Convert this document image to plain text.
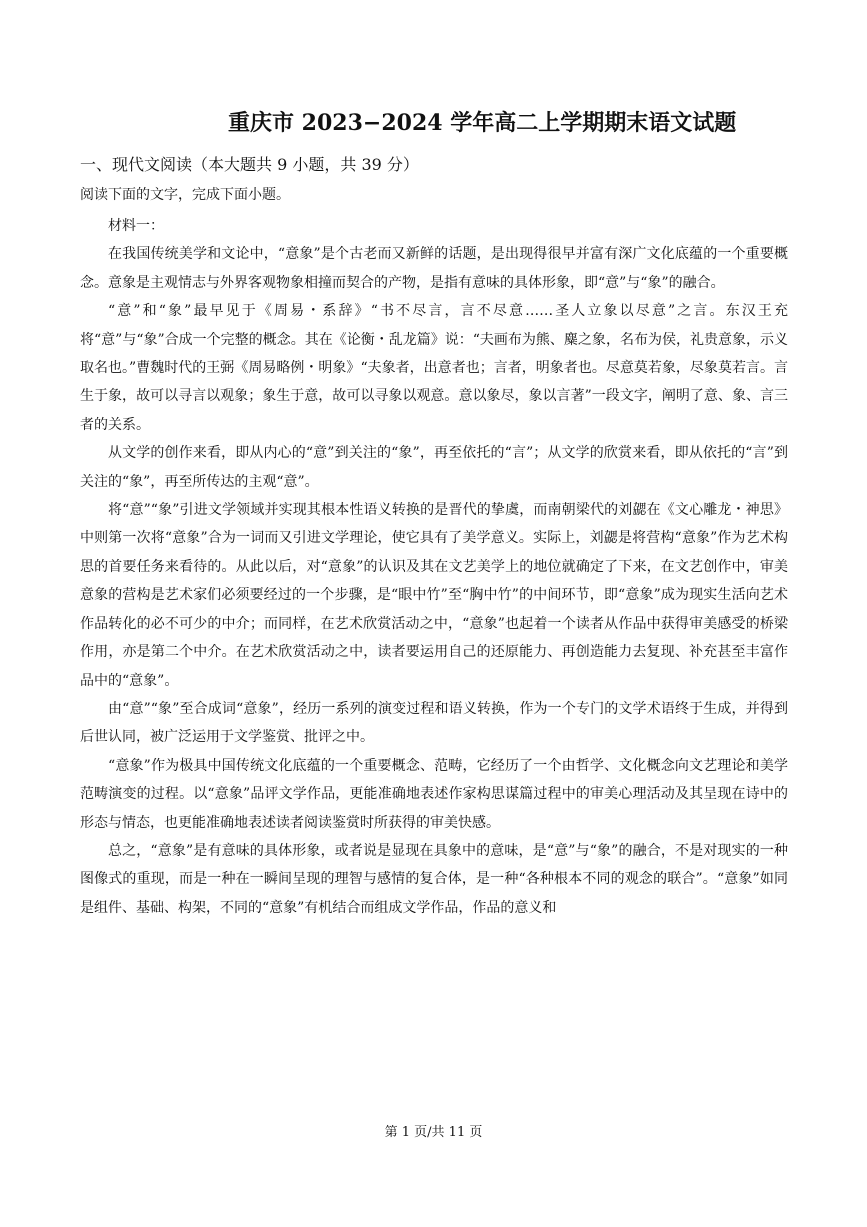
重庆市 2023−2024 学年高二上学期期末语文试题
一、现代文阅读（本大题共 9 小题，共 39 分）
阅读下面的文字，完成下面小题。

材料一：

在我国传统美学和文论中，“意象”是个古老而又新鲜的话题，是出现得很早并富有深广文化底蕴的一个重要概念。意象是主观情志与外界客观物象相撞而契合的产物，是指有意味的具体形象，即“意”与“象”的融合。

“意”和“象”最早见于《周易・系辞》“书不尽言，言不尽意……圣人立象以尽意”之言。东汉王充将“意”与“象”合成一个完整的概念。其在《论衡・乱龙篇》说：“夫画布为熊、麋之象，名布为侯，礼贵意象，示义取名也。”曹魏时代的王弼《周易略例・明象》“夫象者，出意者也；言者，明象者也。尽意莫若象，尽象莫若言。言生于象，故可以寻言以观象；象生于意，故可以寻象以观意。意以象尽，象以言著”一段文字，阐明了意、象、言三者的关系。

从文学的创作来看，即从内心的“意”到关注的“象”，再至依托的“言”；从文学的欣赏来看，即从依托的“言”到关注的“象”，再至所传达的主观“意”。

将“意”“象”引进文学领域并实现其根本性语义转换的是晋代的挚虞，而南朝梁代的刘勰在《文心雕龙・神思》中则第一次将“意象”合为一词而又引进文学理论，使它具有了美学意义。实际上，刘勰是将营构“意象”作为艺术构思的首要任务来看待的。从此以后，对“意象”的认识及其在文艺美学上的地位就确定了下来，在文艺创作中，审美意象的营构是艺术家们必须要经过的一个步骤，是“眼中竹”至“胸中竹”的中间环节，即“意象”成为现实生活向艺术作品转化的必不可少的中介；而同样，在艺术欣赏活动之中，“意象”也起着一个读者从作品中获得审美感受的桥梁作用，亦是第二个中介。在艺术欣赏活动之中，读者要运用自己的还原能力、再创造能力去复现、补充甚至丰富作品中的“意象”。

由“意”“象”至合成词“意象”，经历一系列的演变过程和语义转换，作为一个专门的文学术语终于生成，并得到后世认同，被广泛运用于文学鉴赏、批评之中。

“意象”作为极具中国传统文化底蕴的一个重要概念、范畴，它经历了一个由哲学、文化概念向文艺理论和美学范畴演变的过程。以“意象”品评文学作品，更能准确地表述作家构思谋篇过程中的审美心理活动及其呈现在诗中的形态与情态，也更能准确地表述读者阅读鉴赏时所获得的审美快感。

总之，“意象”是有意味的具体形象，或者说是显现在具象中的意味，是“意”与“象”的融合，不是对现实的一种图像式的重现，而是一种在一瞬间呈现的理智与感情的复合体，是一种“各种根本不同的观念的联合”。“意象”如同是组件、基础、构架，不同的“意象”有机结合而组成文学作品，作品的意义和

第 1 页/共 11 页
